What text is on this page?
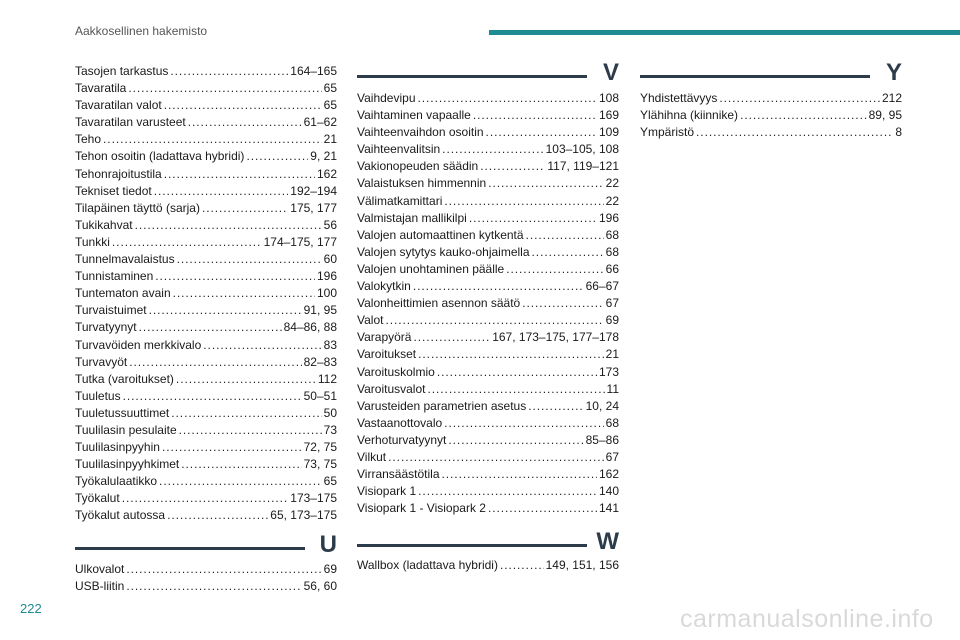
Aakkosellinen hakemisto
Tasojen tarkastus . . .	164–165
Tavaratila . . .	65
Tavaratilan valot . . .	65
Tavaratilan varusteet . . .	61–62
Teho . . .	21
Tehon osoitin (ladattava hybridi) . . .	9, 21
Tehonrajoitustila . . .	162
Tekniset tiedot . . .	192–194
Tilapäinen täyttö (sarja) . . .	175, 177
Tukikahvat . . .	56
Tunkki . . .	174–175, 177
Tunnelmavalaistus . . .	60
Tunnistaminen . . .	196
Tuntematon avain . . .	100
Turvaistuimet . . .	91, 95
Turvatyynyt . . .	84–86, 88
Turvavöiden merkkivalo . . .	83
Turvavyöt . . .	82–83
Tutka (varoitukset) . . .	112
Tuuletus . . .	50–51
Tuuletussuuttimet . . .	50
Tuulilasin pesulaite . . .	73
Tuulilasinpyyhin . . .	72, 75
Tuulilasinpyyhkimet . . .	73, 75
Työkalulaatikko . . .	65
Työkalut . . .	173–175
Työkalut autossa . . .	65, 173–175
U
Ulkovalot . . .	69
USB-liitin . . .	56, 60
V
Vaihdevipu . . .	108
Vaihtaminen vapaalle . . .	169
Vaihteenvaihdon osoitin . . .	109
Vaihteenvalitsin . . .	103–105, 108
Vakionopeuden säädin . . .	117, 119–121
Valaistuksen himmennin . . .	22
Välimatkamittari . . .	22
Valmistajan mallikilpi . . .	196
Valojen automaattinen kytkentä . . .	68
Valojen sytytys kauko-ohjaimella . . .	68
Valojen unohtaminen päälle . . .	66
Valokytkin . . .	66–67
Valonheittimien asennon säätö . . .	67
Valot . . .	69
Varapyörä . . .	167, 173–175, 177–178
Varoitukset . . .	21
Varoituskolmio . . .	173
Varoitusvalot . . .	11
Varusteiden parametrien asetus . . .	10, 24
Vastaanottovalo . . .	68
Verhoturvatyynyt . . .	85–86
Vilkut . . .	67
Virransäästötila . . .	162
Visiopark 1 . . .	140
Visiopark 1 - Visiopark 2 . . .	141
W
Wallbox (ladattava hybridi) . . .	149, 151, 156
Y
Yhdistettävyys . . .	212
Ylähihna (kiinnike) . . .	89, 95
Ympäristö . . .	8
222	carmanualsonline.info
